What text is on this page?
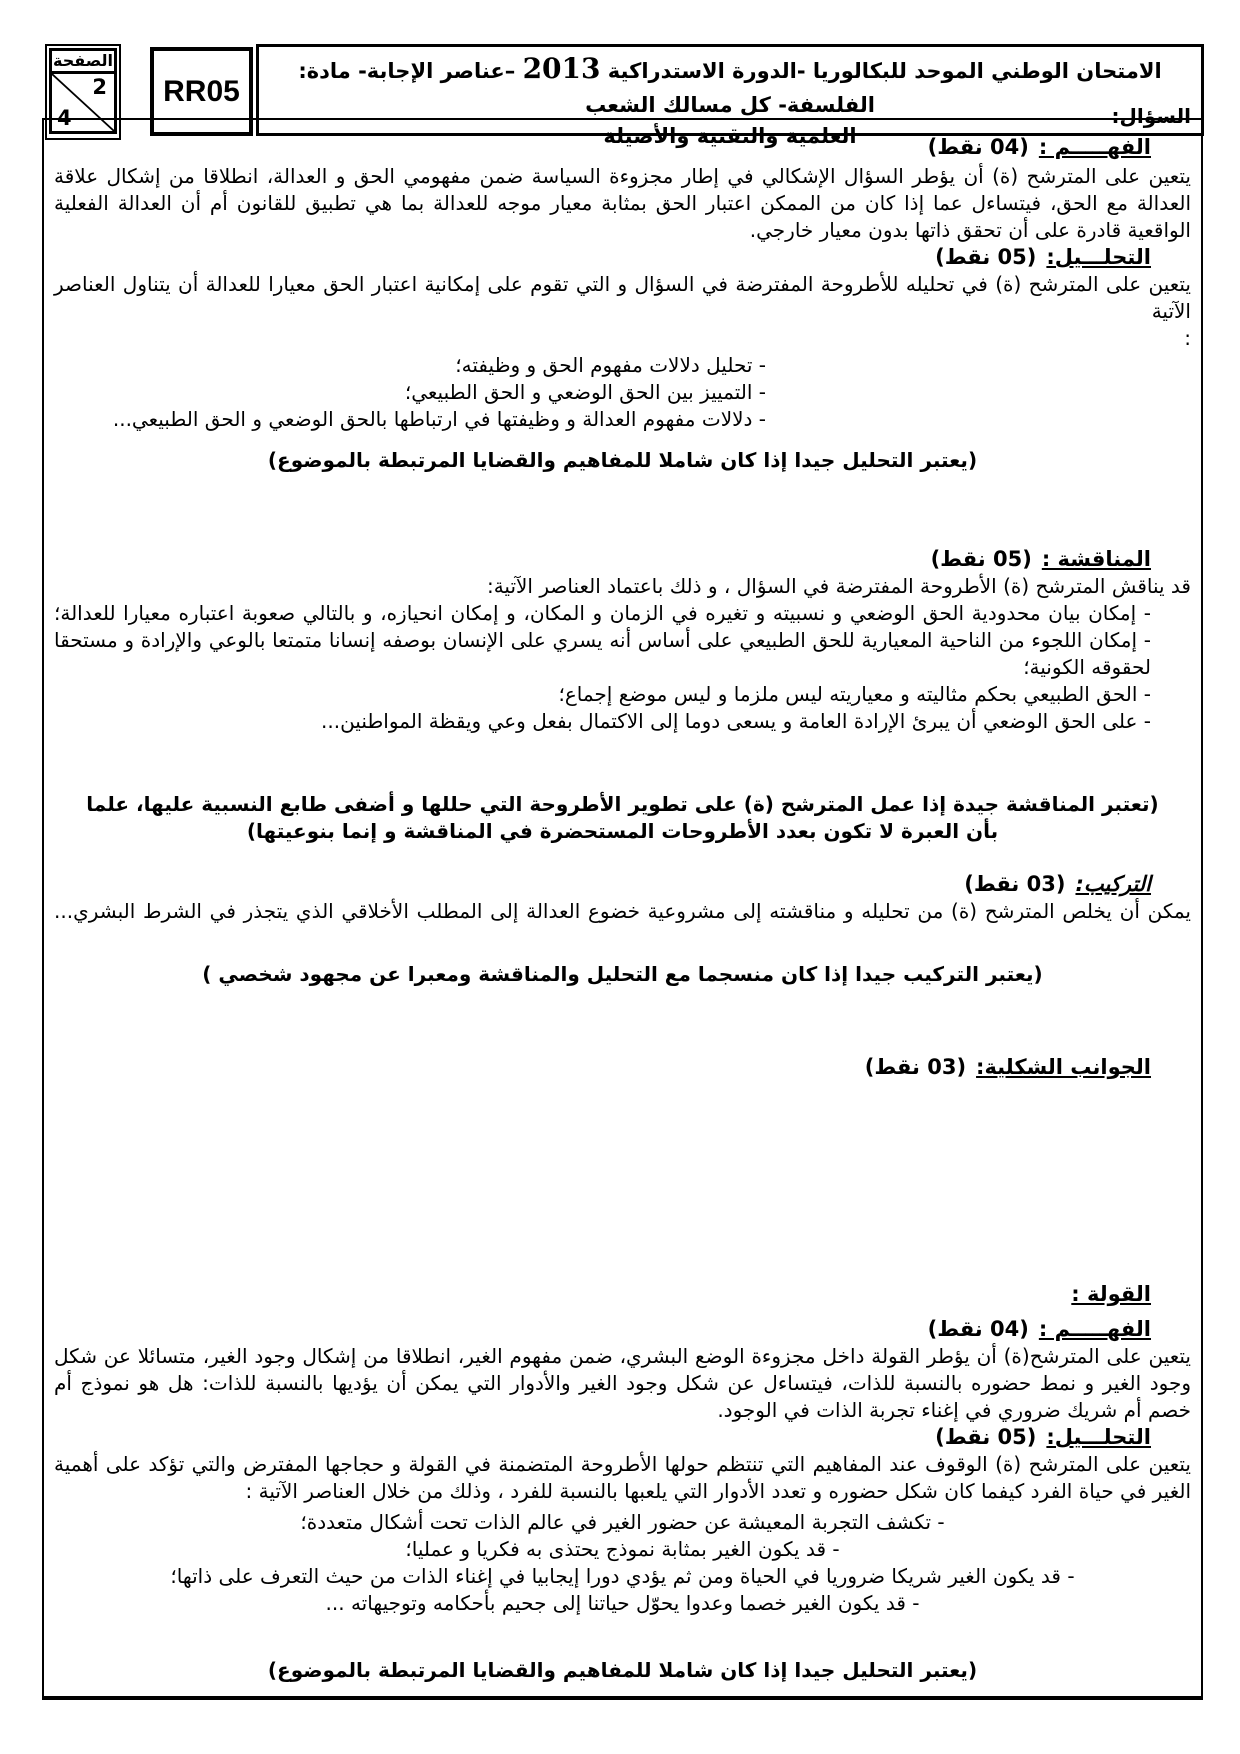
الصفحة
2
4
RR05
الامتحان الوطني الموحد للبكالوريا -الدورة الاستدراكية 2013 –عناصر الإجابة- مادة: الفلسفة- كل مسالك الشعب
العلمية والتقنية والأصيلة
السؤال:
الفهـــــم :(04 نقط)
يتعين على المترشح (ة) أن يؤطر السؤال الإشكالي في إطار مجزوءة السياسة ضمن مفهومي الحق و العدالة، انطلاقا من إشكال علاقة العدالة مع الحق، فيتساءل عما إذا كان من الممكن اعتبار الحق بمثابة معيار موجه للعدالة بما هي تطبيق للقانون أم أن العدالة الفعلية الواقعية قادرة على أن تحقق ذاتها بدون معيار خارجي.
التحلـــيل:(05 نقط)
يتعين على المترشح (ة) في تحليله للأطروحة المفترضة في السؤال و التي تقوم على إمكانية اعتبار الحق معيارا للعدالة أن يتناول العناصر الآتية
:
- تحليل دلالات مفهوم الحق و وظيفته؛
- التمييز بين الحق الوضعي و الحق الطبيعي؛
- دلالات مفهوم العدالة و وظيفتها في ارتباطها بالحق الوضعي و الحق الطبيعي...
(يعتبر التحليل جيدا إذا كان شاملا للمفاهيم والقضايا المرتبطة بالموضوع)
المناقشة :(05 نقط)
قد يناقش المترشح (ة) الأطروحة المفترضة في السؤال ، و ذلك باعتماد العناصر الآتية:
- إمكان بيان محدودية الحق الوضعي و نسبيته و تغيره في الزمان و المكان، و إمكان انحيازه، و بالتالي صعوبة اعتباره معيارا للعدالة؛
- إمكان اللجوء من الناحية المعيارية للحق الطبيعي على أساس أنه يسري على الإنسان بوصفه إنسانا متمتعا بالوعي والإرادة و مستحقا لحقوقه الكونية؛
- الحق الطبيعي بحكم مثاليته و معياريته ليس ملزما و ليس موضع إجماع؛
- على الحق الوضعي أن يبرئ الإرادة العامة و يسعى دوما إلى الاكتمال بفعل وعي ويقظة المواطنين...
(تعتبر المناقشة جيدة إذا عمل المترشح (ة) على تطوير الأطروحة التي حللها و أضفى طابع النسبية عليها، علما
بأن العبرة لا تكون بعدد الأطروحات المستحضرة في المناقشة و إنما بنوعيتها)
التركيب:(03 نقط)
يمكن أن يخلص المترشح (ة) من تحليله و مناقشته إلى مشروعية خضوع العدالة إلى المطلب الأخلاقي الذي يتجذر في الشرط البشري...
(يعتبر التركيب جيدا إذا كان منسجما مع التحليل والمناقشة ومعبرا عن مجهود شخصي )
الجوانب الشكلية:(03 نقط)
القولة :
الفهـــــم :(04 نقط)
يتعين على المترشح(ة) أن يؤطر القولة داخل مجزوءة الوضع البشري، ضمن مفهوم الغير، انطلاقا من إشكال وجود الغير، متسائلا عن شكل وجود الغير و نمط حضوره بالنسبة للذات، فيتساءل عن شكل وجود الغير والأدوار التي يمكن أن يؤديها بالنسبة للذات: هل هو نموذج أم خصم أم شريك ضروري في إغناء تجربة الذات في الوجود.
التحلـــيل:(05 نقط)
يتعين على المترشح (ة) الوقوف عند المفاهيم التي تنتظم حولها الأطروحة المتضمنة في القولة و حجاجها المفترض والتي تؤكد على أهمية الغير في حياة الفرد كيفما كان شكل حضوره و تعدد الأدوار التي يلعبها بالنسبة للفرد ، وذلك من خلال العناصر الآتية :
- تكشف التجربة المعيشة عن حضور الغير في عالم الذات تحت أشكال متعددة؛
- قد يكون الغير بمثابة نموذج يحتذى به فكريا و عمليا؛
- قد يكون الغير شريكا ضروريا في الحياة ومن ثم يؤدي دورا إيجابيا في إغناء الذات من حيث التعرف على ذاتها؛
- قد يكون الغير خصما وعدوا يحوّل حياتنا إلى جحيم بأحكامه وتوجيهاته ...
(يعتبر التحليل جيدا إذا كان شاملا للمفاهيم والقضايا المرتبطة بالموضوع)
